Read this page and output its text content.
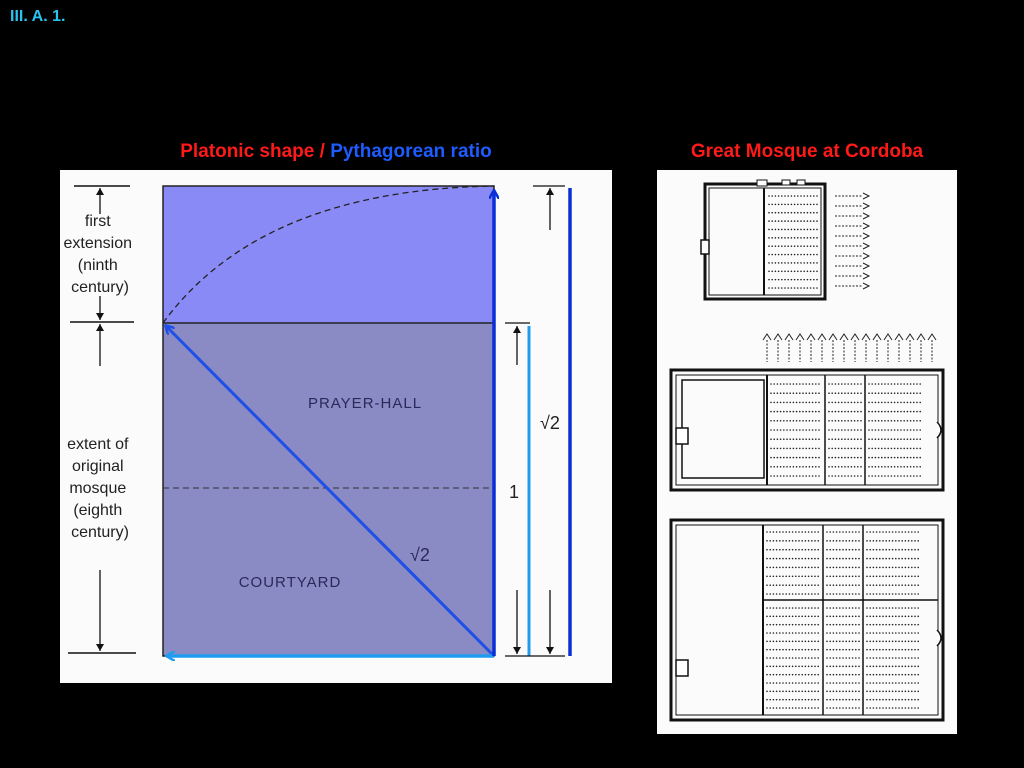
III. A. 1.
Platonic shape / Pythagorean ratio	Great Mosque at Cordoba
first extension (ninth century)
extent of original mosque (eighth century)
PRAYER-HALL
COURTYARD
√2
1
√2
